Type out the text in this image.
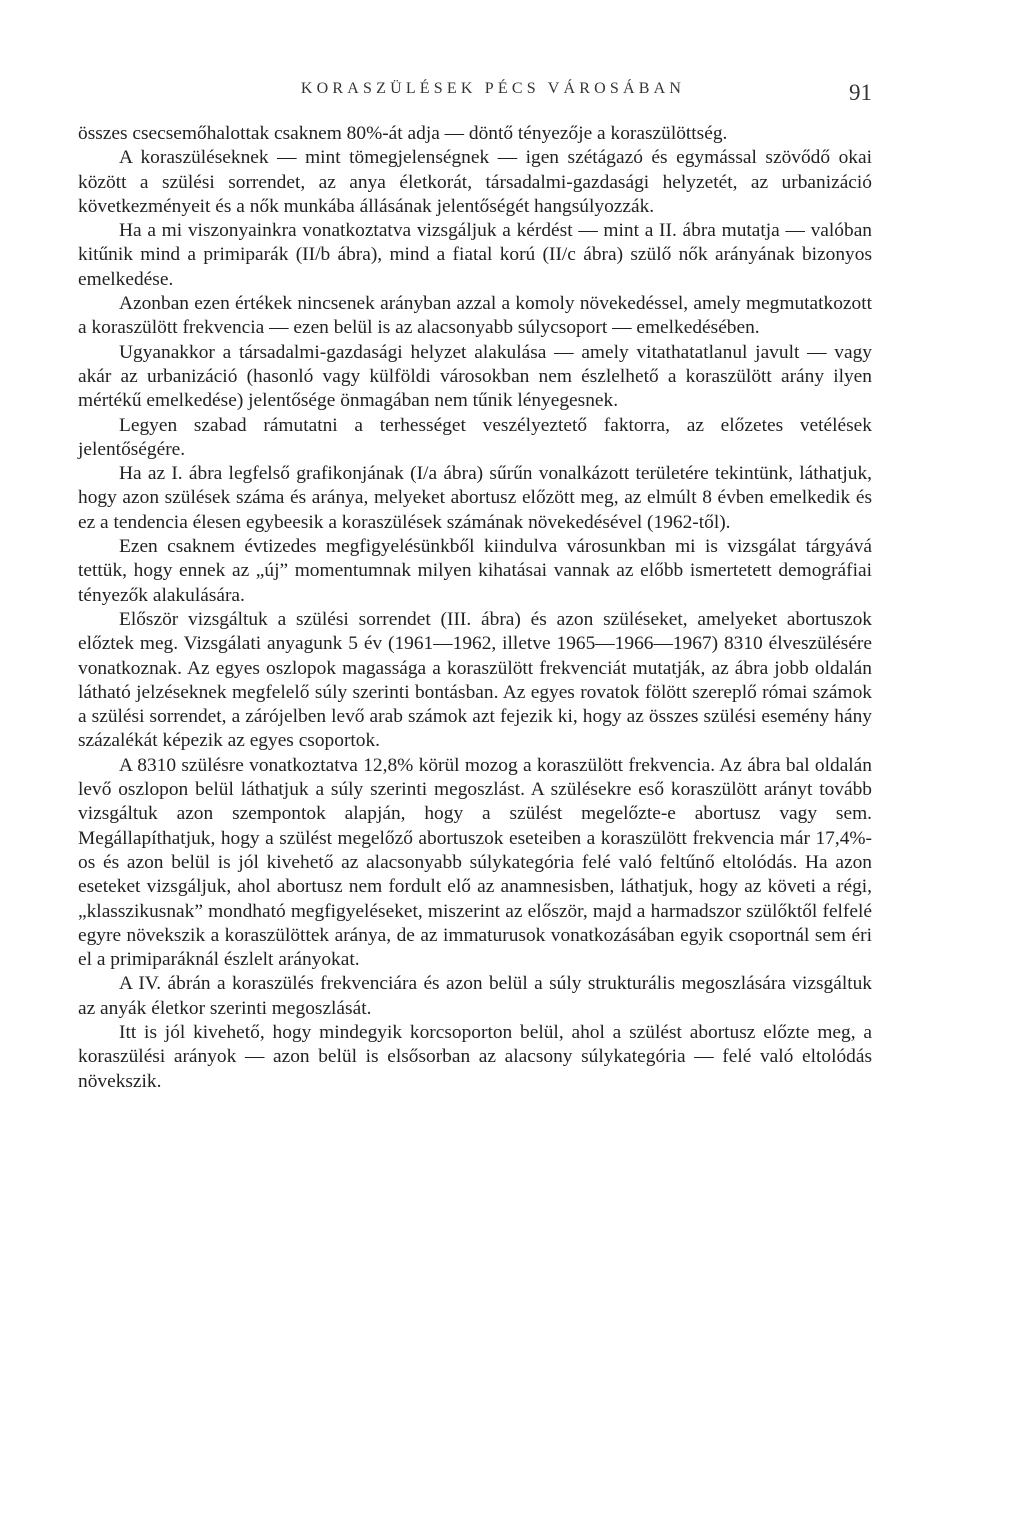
KORASZÜLÉSEK PÉCS VÁROSÁBAN	91

összes csecsemőhalottak csaknem 80%-át adja — döntő tényezője a koraszülöttség.

A koraszüléseknek — mint tömegjelenségnek — igen szétágazó és egymással szövődő okai között a szülési sorrendet, az anya életkorát, társadalmi-gazdasági helyzetét, az urbanizáció következményeit és a nők munkába állásának jelentőségét hangsúlyozzák.

Ha a mi viszonyainkra vonatkoztatva vizsgáljuk a kérdést — mint a II. ábra mutatja — valóban kitűnik mind a primiparák (II/b ábra), mind a fiatal korú (II/c ábra) szülő nők arányának bizonyos emelkedése.

Azonban ezen értékek nincsenek arányban azzal a komoly növekedéssel, amely megmutatkozott a koraszülött frekvencia — ezen belül is az alacsonyabb súlycsoport — emelkedésében.

Ugyanakkor a társadalmi-gazdasági helyzet alakulása — amely vitathatatlanul javult — vagy akár az urbanizáció (hasonló vagy külföldi városokban nem észlelhető a koraszülött arány ilyen mértékű emelkedése) jelentősége önmagában nem tűnik lényegesnek.

Legyen szabad rámutatni a terhességet veszélyeztető faktorra, az előzetes vetélések jelentőségére.

Ha az I. ábra legfelső grafikonjának (I/a ábra) sűrűn vonalkázott területére tekintünk, láthatjuk, hogy azon szülések száma és aránya, melyeket abortusz előzött meg, az elmúlt 8 évben emelkedik és ez a tendencia élesen egybeesik a koraszülések számának növekedésével (1962-től).

Ezen csaknem évtizedes megfigyelésünkből kiindulva városunkban mi is vizsgálat tárgyává tettük, hogy ennek az „új” momentumnak milyen kihatásai vannak az előbb ismertetett demográfiai tényezők alakulására.

Először vizsgáltuk a szülési sorrendet (III. ábra) és azon szüléseket, amelyeket abortuszok előztek meg. Vizsgálati anyagunk 5 év (1961—1962, illetve 1965—1966—1967) 8310 élveszülésére vonatkoznak. Az egyes oszlopok magassága a koraszülött frekvenciát mutatják, az ábra jobb oldalán látható jelzéseknek megfelelő súly szerinti bontásban. Az egyes rovatok fölött szereplő római számok a szülési sorrendet, a zárójelben levő arab számok azt fejezik ki, hogy az összes szülési esemény hány százalékát képezik az egyes csoportok.

A 8310 szülésre vonatkoztatva 12,8% körül mozog a koraszülött frekvencia. Az ábra bal oldalán levő oszlopon belül láthatjuk a súly szerinti megoszlást. A szülésekre eső koraszülött arányt tovább vizsgáltuk azon szempontok alapján, hogy a szülést megelőzte-e abortusz vagy sem. Megállapíthatjuk, hogy a szülést megelőző abortuszok eseteiben a koraszülött frekvencia már 17,4%-os és azon belül is jól kivehető az alacsonyabb súlykategória felé való feltűnő eltolódás. Ha azon eseteket vizsgáljuk, ahol abortusz nem fordult elő az anamnesisben, láthatjuk, hogy az követi a régi, „klasszikusnak” mondható megfigyeléseket, miszerint az először, majd a harmadszor szülőktől felfelé egyre növekszik a koraszülöttek aránya, de az immaturusok vonatkozásában egyik csoportnál sem éri el a primiparáknál észlelt arányokat.

A IV. ábrán a koraszülés frekvenciára és azon belül a súly strukturális megoszlására vizsgáltuk az anyák életkor szerinti megoszlását.

Itt is jól kivehető, hogy mindegyik korcsoporton belül, ahol a szülést abortusz előzte meg, a koraszülési arányok — azon belül is elsősorban az alacsony súlykategória — felé való eltolódás növekszik.
